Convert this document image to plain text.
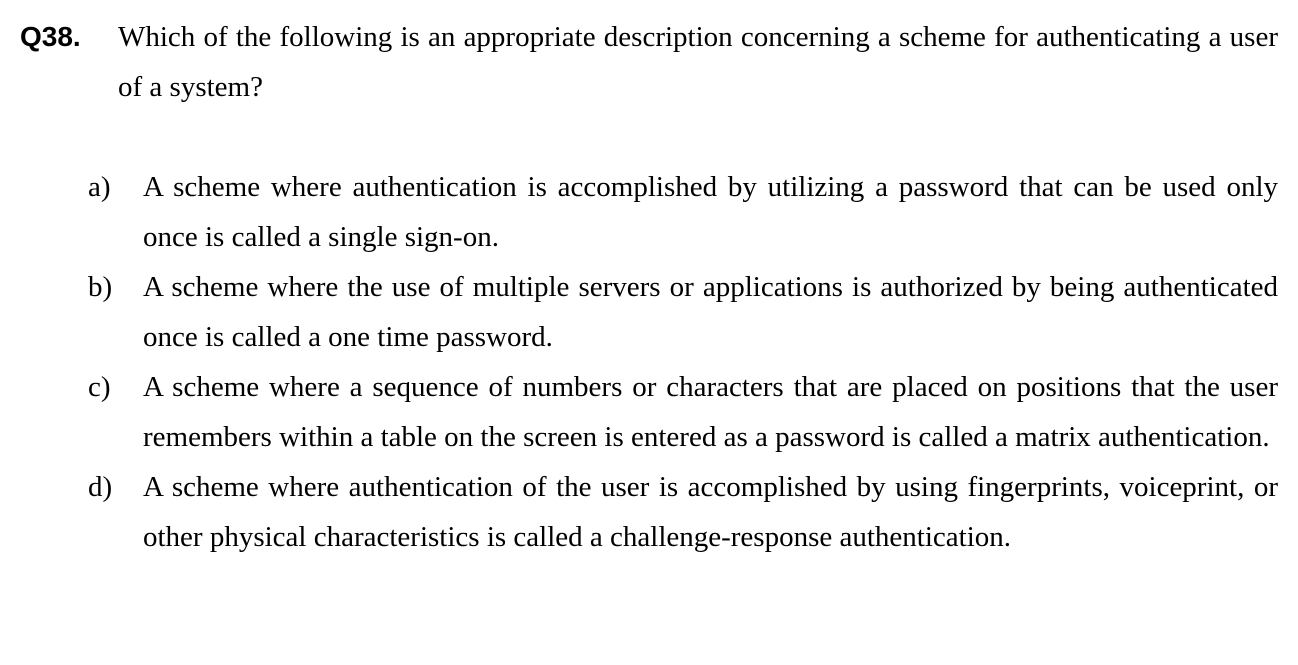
Q38. Which of the following is an appropriate description concerning a scheme for authenticating a user of a system?
a) A scheme where authentication is accomplished by utilizing a password that can be used only once is called a single sign-on.
b) A scheme where the use of multiple servers or applications is authorized by being authenticated once is called a one time password.
c) A scheme where a sequence of numbers or characters that are placed on positions that the user remembers within a table on the screen is entered as a password is called a matrix authentication.
d) A scheme where authentication of the user is accomplished by using fingerprints, voiceprint, or other physical characteristics is called a challenge-response authentication.
